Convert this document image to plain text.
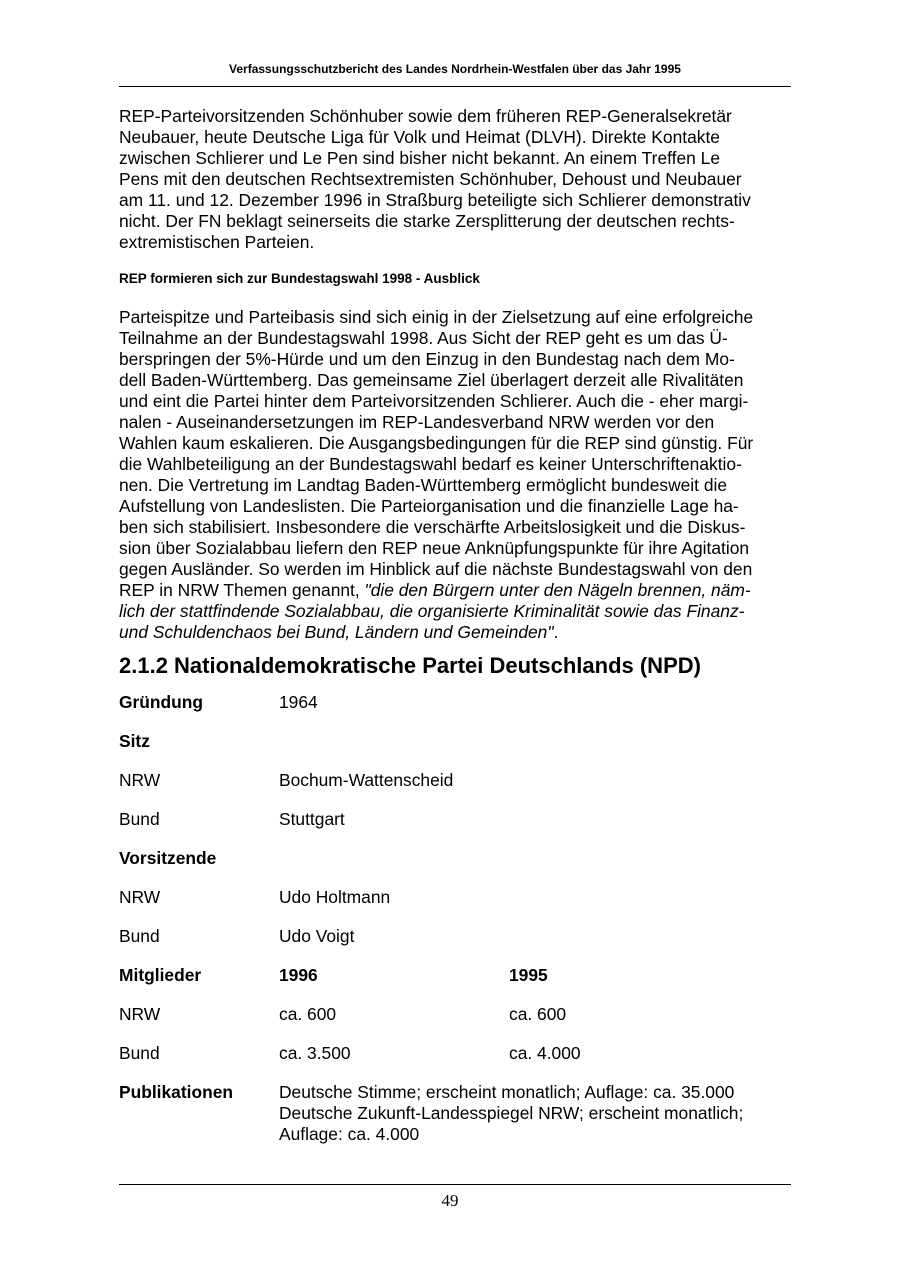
Verfassungsschutzbericht des Landes Nordrhein-Westfalen über das Jahr 1995
REP-Parteivorsitzenden Schönhuber sowie dem früheren REP-Generalsekretär
Neubauer, heute Deutsche Liga für Volk und Heimat (DLVH). Direkte Kontakte
zwischen Schlierer und Le Pen sind bisher nicht bekannt. An einem Treffen Le
Pens mit den deutschen Rechtsextremisten Schönhuber, Dehoust und Neubauer
am 11. und 12. Dezember 1996 in Straßburg beteiligte sich Schlierer demonstrativ
nicht. Der FN beklagt seinerseits die starke Zersplitterung der deutschen rechts-
extremistischen Parteien.
REP formieren sich zur Bundestagswahl 1998 - Ausblick
Parteispitze und Parteibasis sind sich einig in der Zielsetzung auf eine erfolgreiche
Teilnahme an der Bundestagswahl 1998. Aus Sicht der REP geht es um das Ü-
berspringen der 5%-Hürde und um den Einzug in den Bundestag nach dem Mo-
dell Baden-Württemberg. Das gemeinsame Ziel überlagert derzeit alle Rivalitäten
und eint die Partei hinter dem Parteivorsitzenden Schlierer. Auch die - eher margi-
nalen - Auseinandersetzungen im REP-Landesverband NRW werden vor den
Wahlen kaum eskalieren. Die Ausgangsbedingungen für die REP sind günstig. Für
die Wahlbeteiligung an der Bundestagswahl bedarf es keiner Unterschriftenaktio-
nen. Die Vertretung im Landtag Baden-Württemberg ermöglicht bundesweit die
Aufstellung von Landeslisten. Die Parteiorganisation und die finanzielle Lage ha-
ben sich stabilisiert. Insbesondere die verschärfte Arbeitslosigkeit und die Diskus-
sion über Sozialabbau liefern den REP neue Anknüpfungspunkte für ihre Agitation
gegen Ausländer. So werden im Hinblick auf die nächste Bundestagswahl von den
REP in NRW Themen genannt, "die den Bürgern unter den Nägeln brennen, näm-
lich der stattfindende Sozialabbau, die organisierte Kriminalität sowie das Finanz-
und Schuldenchaos bei Bund, Ländern und Gemeinden".
2.1.2 Nationaldemokratische Partei Deutschlands (NPD)
Gründung	1964
Sitz
NRW	Bochum-Wattenscheid
Bund	Stuttgart
Vorsitzende
NRW	Udo Holtmann
Bund	Udo Voigt
Mitglieder	1996	1995
NRW	ca. 600	ca. 600
Bund	ca. 3.500	ca. 4.000
Publikationen	Deutsche Stimme; erscheint monatlich; Auflage: ca. 35.000
Deutsche Zukunft-Landesspiegel NRW; erscheint monatlich;
Auflage: ca. 4.000
49
